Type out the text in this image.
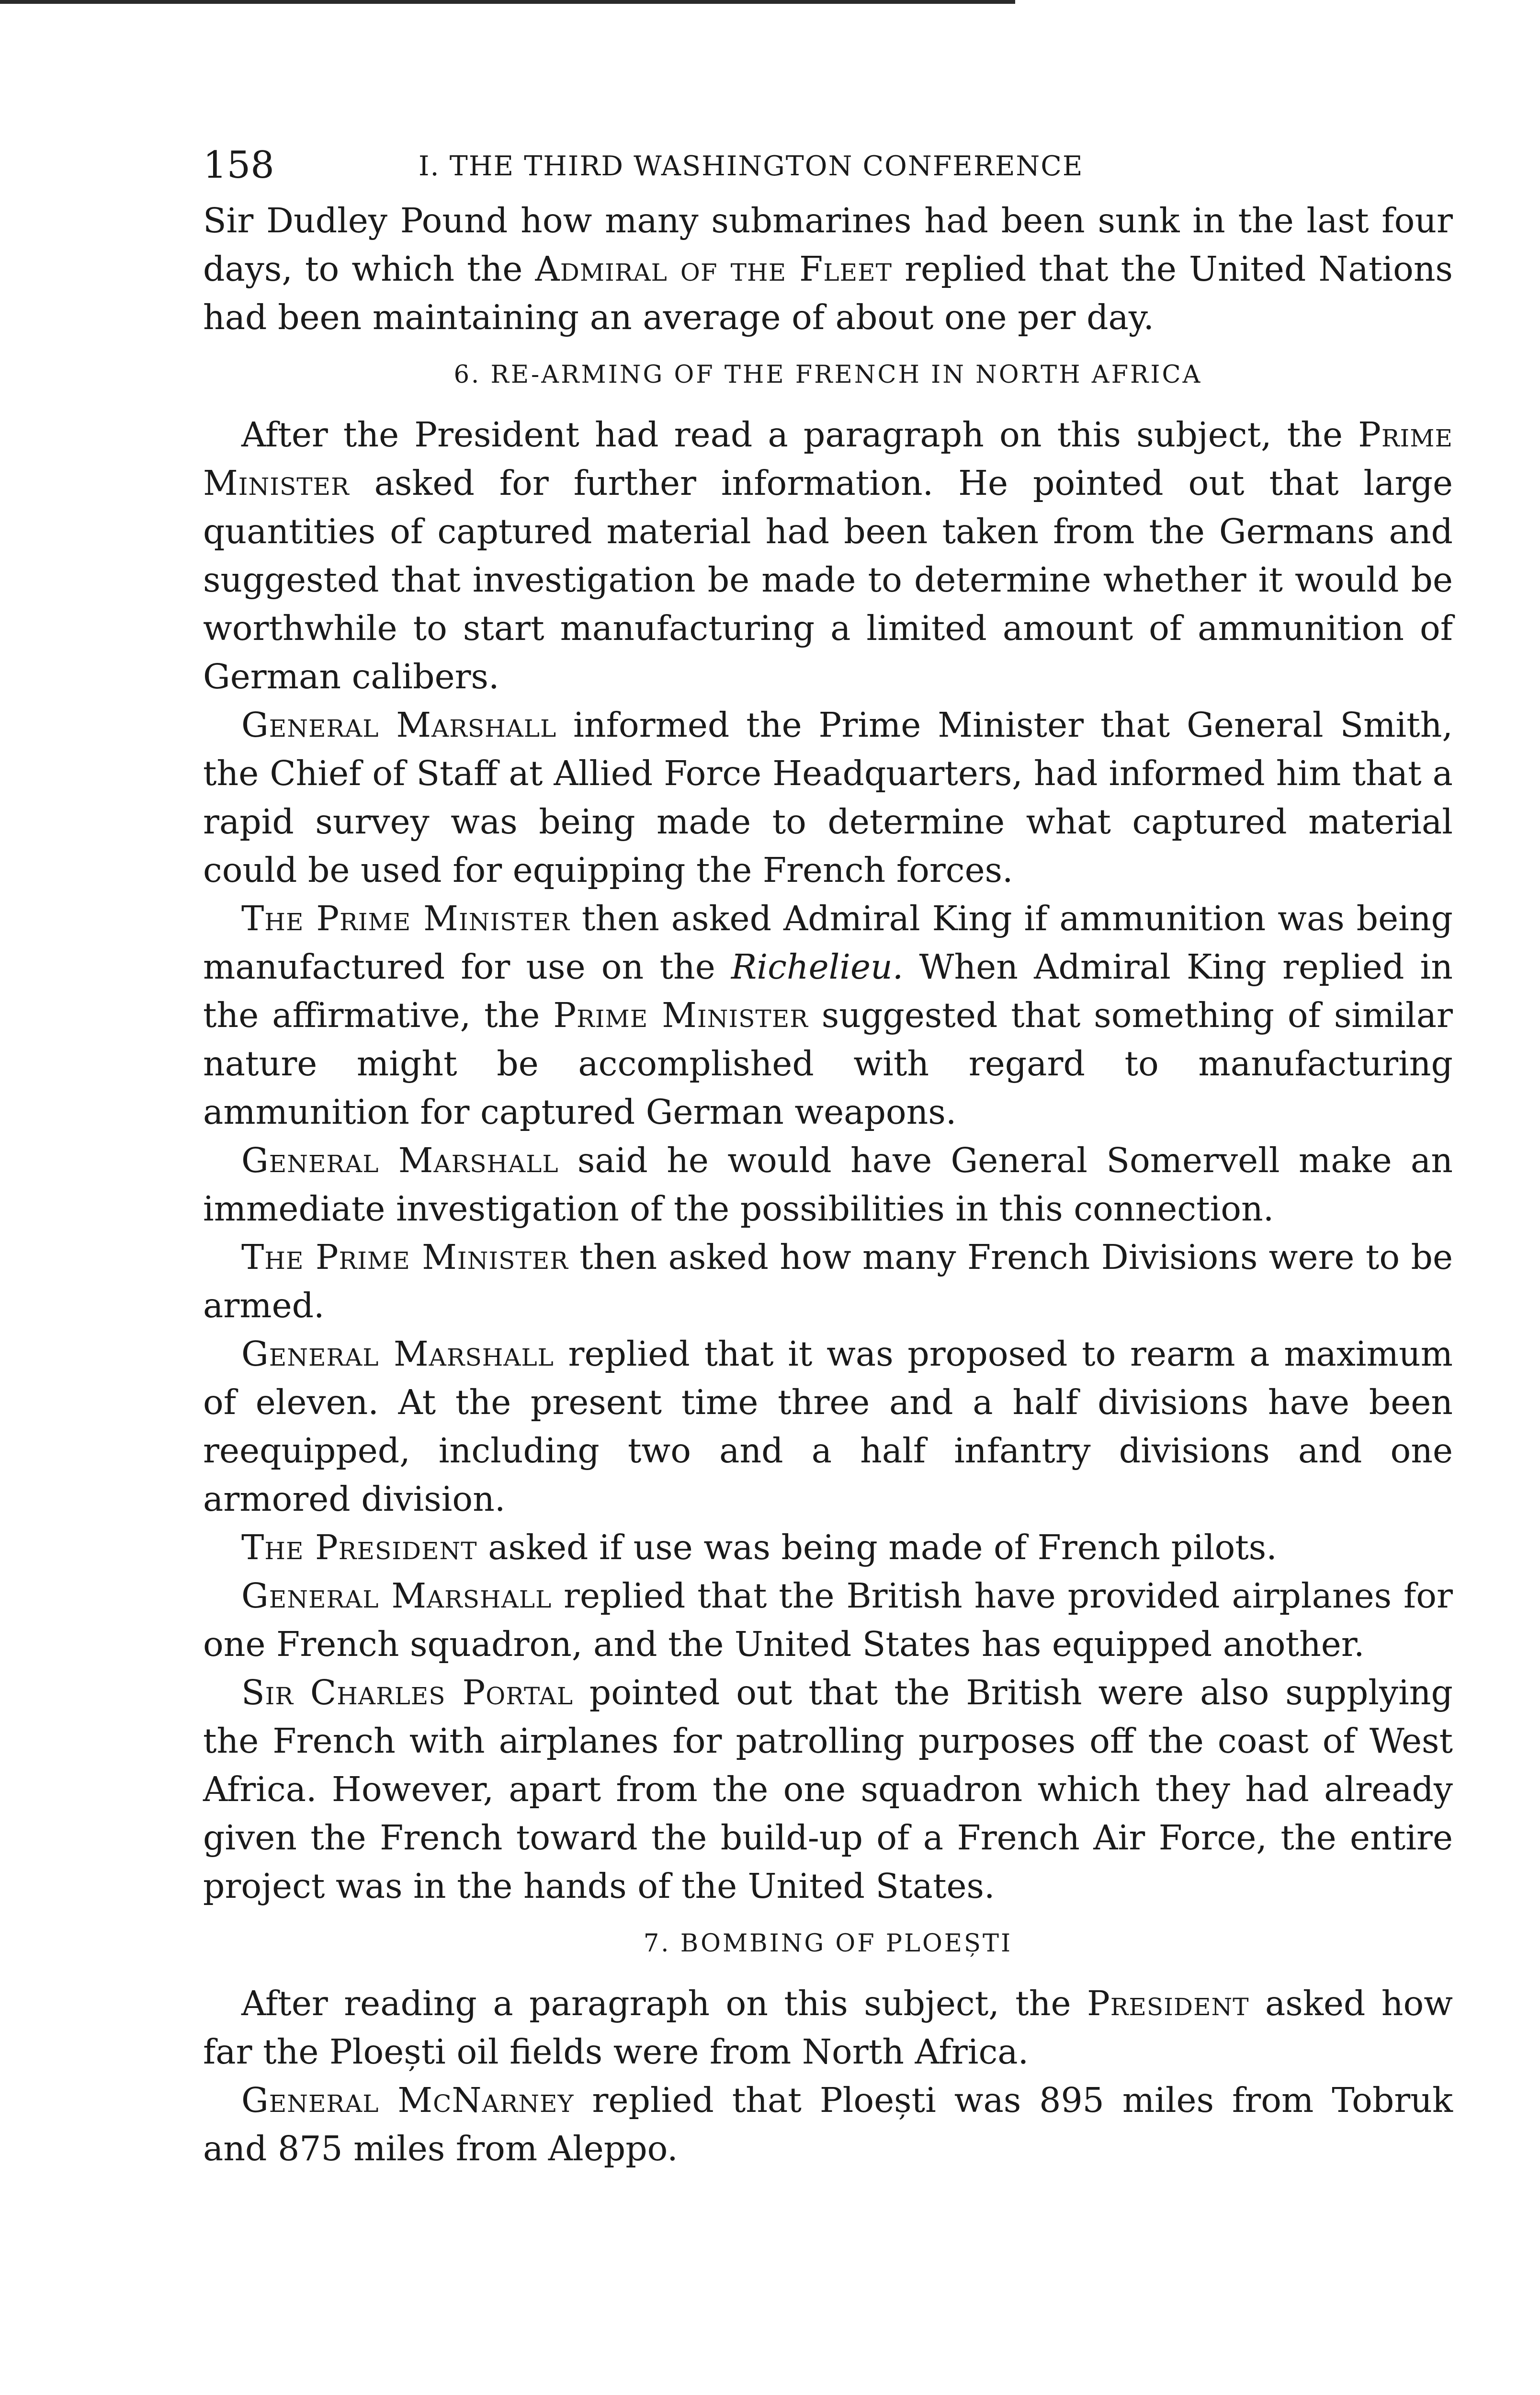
158	I. THE THIRD WASHINGTON CONFERENCE

Sir Dudley Pound how many submarines had been sunk in the last four days, to which the Admiral of the Fleet replied that the United Nations had been maintaining an average of about one per day.

6. RE-ARMING OF THE FRENCH IN NORTH AFRICA

After the President had read a paragraph on this subject, the Prime Minister asked for further information. He pointed out that large quantities of captured material had been taken from the Germans and suggested that investigation be made to determine whether it would be worthwhile to start manufacturing a limited amount of ammunition of German calibers.

General Marshall informed the Prime Minister that General Smith, the Chief of Staff at Allied Force Headquarters, had informed him that a rapid survey was being made to determine what captured material could be used for equipping the French forces.

The Prime Minister then asked Admiral King if ammunition was being manufactured for use on the Richelieu. When Admiral King replied in the affirmative, the Prime Minister suggested that something of similar nature might be accomplished with regard to manufacturing ammunition for captured German weapons.

General Marshall said he would have General Somervell make an immediate investigation of the possibilities in this connection.

The Prime Minister then asked how many French Divisions were to be armed.

General Marshall replied that it was proposed to rearm a maximum of eleven. At the present time three and a half divisions have been reequipped, including two and a half infantry divisions and one armored division.

The President asked if use was being made of French pilots.

General Marshall replied that the British have provided airplanes for one French squadron, and the United States has equipped another.

Sir Charles Portal pointed out that the British were also supplying the French with airplanes for patrolling purposes off the coast of West Africa. However, apart from the one squadron which they had already given the French toward the build-up of a French Air Force, the entire project was in the hands of the United States.

7. BOMBING OF PLOEȘTI

After reading a paragraph on this subject, the President asked how far the Ploești oil fields were from North Africa.

General McNarney replied that Ploești was 895 miles from Tobruk and 875 miles from Aleppo.
